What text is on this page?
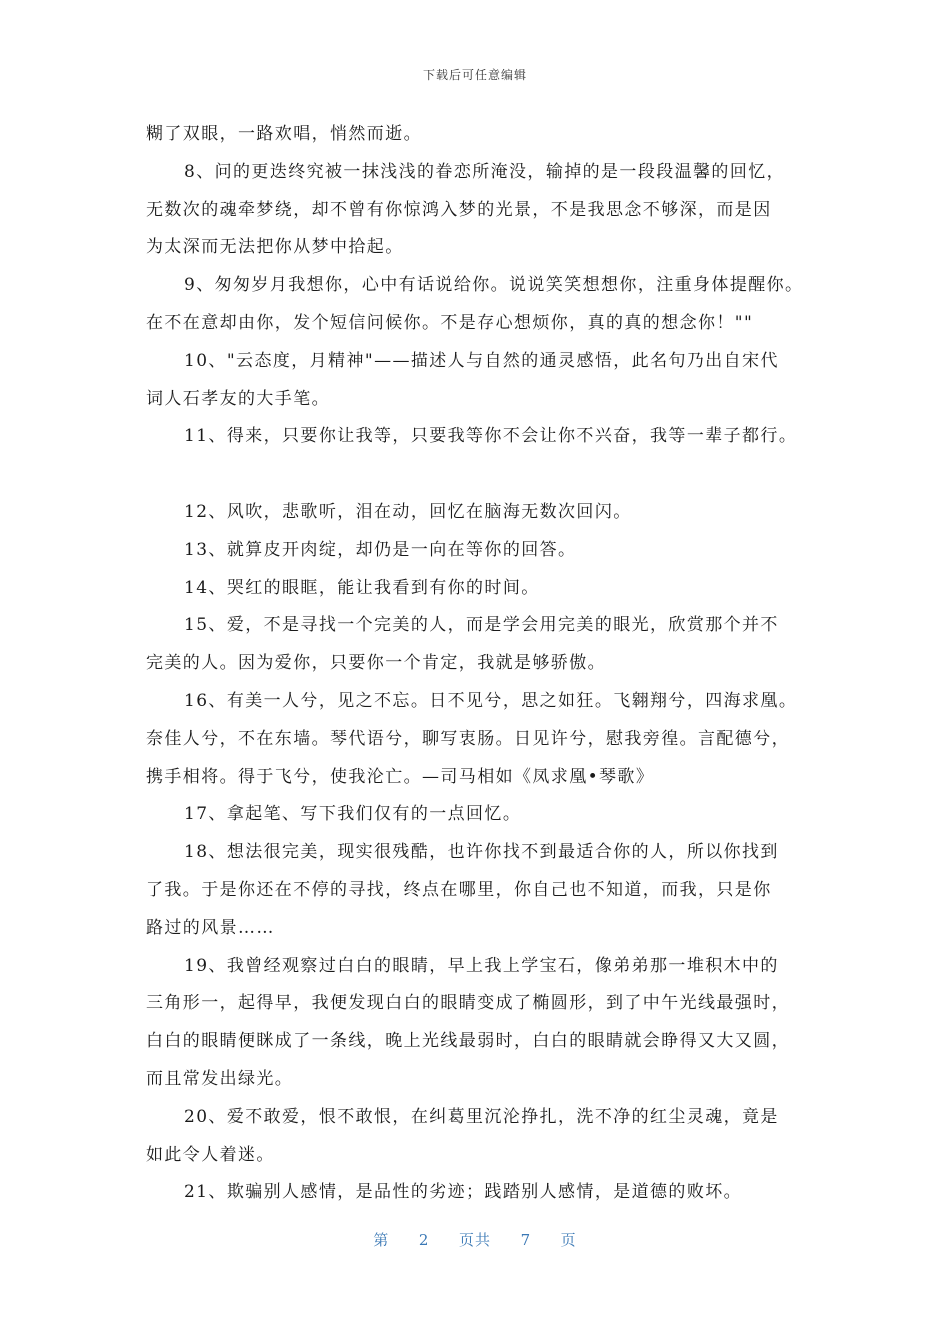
下载后可任意编辑

糊了双眼，一路欢唱，悄然而逝。

8、问的更迭终究被一抹浅浅的眷恋所淹没，输掉的是一段段温馨的回忆，
无数次的魂牵梦绕，却不曾有你惊鸿入梦的光景，不是我思念不够深，而是因
为太深而无法把你从梦中拾起。

9、匆匆岁月我想你，心中有话说给你。说说笑笑想想你，注重身体提醒你。
在不在意却由你，发个短信问候你。不是存心想烦你，真的真的想念你！""

10、"云态度，月精神"——描述人与自然的通灵感悟，此名句乃出自宋代
词人石孝友的大手笔。

11、得来，只要你让我等，只要我等你不会让你不兴奋，我等一辈子都行。

12、风吹，悲歌听，泪在动，回忆在脑海无数次回闪。

13、就算皮开肉绽，却仍是一向在等你的回答。

14、哭红的眼眶，能让我看到有你的时间。

15、爱，不是寻找一个完美的人，而是学会用完美的眼光，欣赏那个并不
完美的人。因为爱你，只要你一个肯定，我就是够骄傲。

16、有美一人兮，见之不忘。日不见兮，思之如狂。飞翱翔兮，四海求凰。
奈佳人兮，不在东墙。琴代语兮，聊写衷肠。日见许兮，慰我旁徨。言配德兮，
携手相将。得于飞兮，使我沦亡。—司马相如《凤求凰•琴歌》

17、拿起笔、写下我们仅有的一点回忆。

18、想法很完美，现实很残酷，也许你找不到最适合你的人，所以你找到
了我。于是你还在不停的寻找，终点在哪里，你自己也不知道，而我，只是你
路过的风景……

19、我曾经观察过白白的眼睛，早上我上学宝石，像弟弟那一堆积木中的
三角形一，起得早，我便发现白白的眼睛变成了椭圆形，到了中午光线最强时，
白白的眼睛便眯成了一条线，晚上光线最弱时，白白的眼睛就会睁得又大又圆，
而且常发出绿光。

20、爱不敢爱，恨不敢恨，在纠葛里沉沦挣扎，洗不净的红尘灵魂，竟是
如此令人着迷。

21、欺骗别人感情，是品性的劣迹；践踏别人感情，是道德的败坏。

第 2 页共 7 页
